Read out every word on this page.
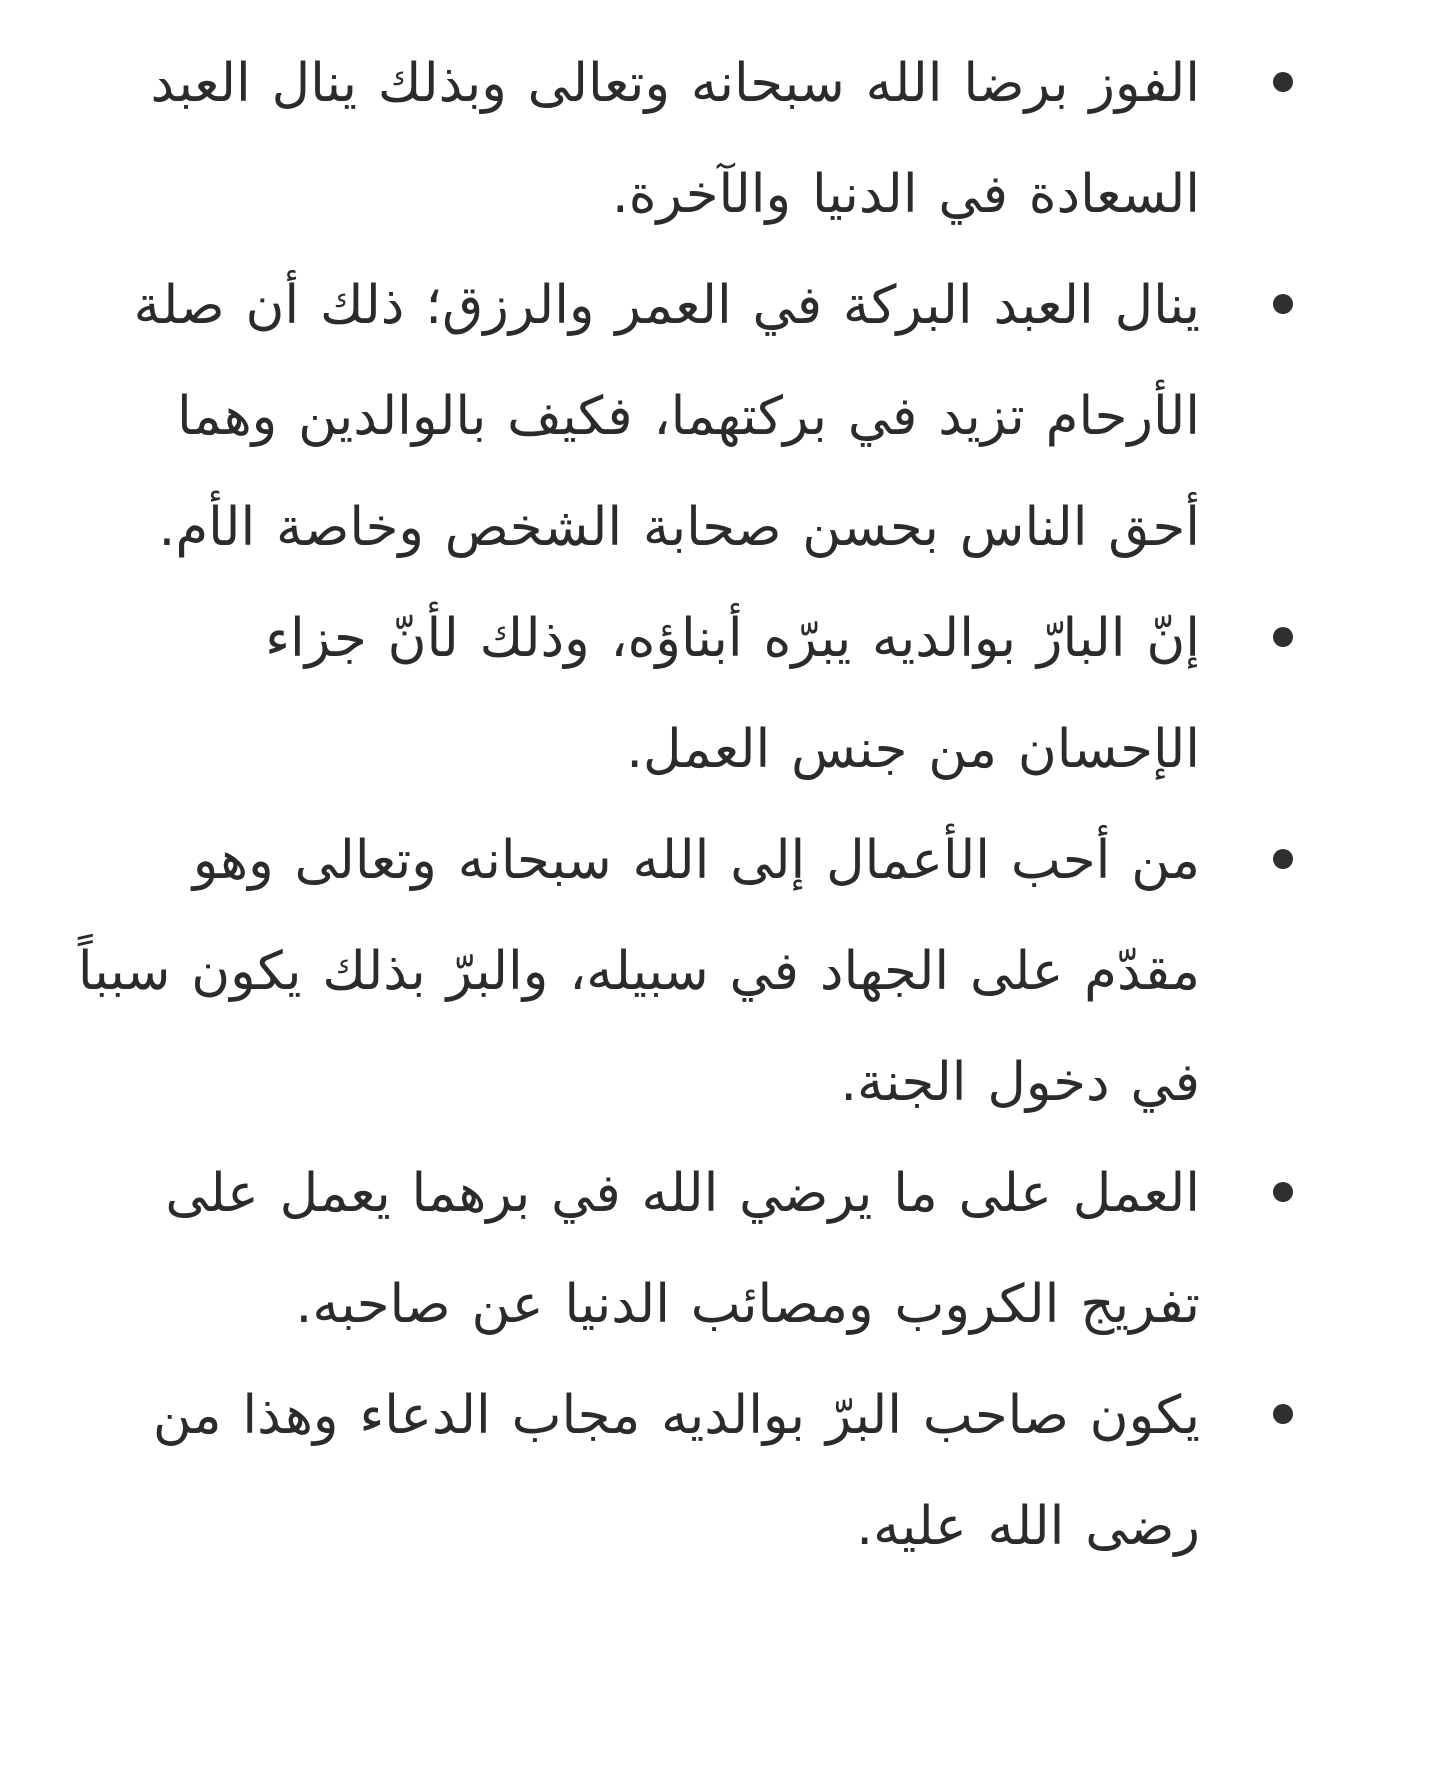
الفوز برضا الله سبحانه وتعالى وبذلك ينال العبد السعادة في الدنيا والآخرة.
ينال العبد البركة في العمر والرزق؛ ذلك أن صلة الأرحام تزيد في بركتهما، فكيف بالوالدين وهما أحق الناس بحسن صحابة الشخص وخاصة الأم.
إنّ البارّ بوالديه يبرّه أبناؤه، وذلك لأنّ جزاء الإحسان من جنس العمل.
من أحب الأعمال إلى الله سبحانه وتعالى وهو مقدّم على الجهاد في سبيله، والبرّ بذلك يكون سبباً في دخول الجنة.
العمل على ما يرضي الله في برهما يعمل على تفريج الكروب ومصائب الدنيا عن صاحبه.
يكون صاحب البرّ بوالديه مجاب الدعاء وهذا من رضى الله عليه.
